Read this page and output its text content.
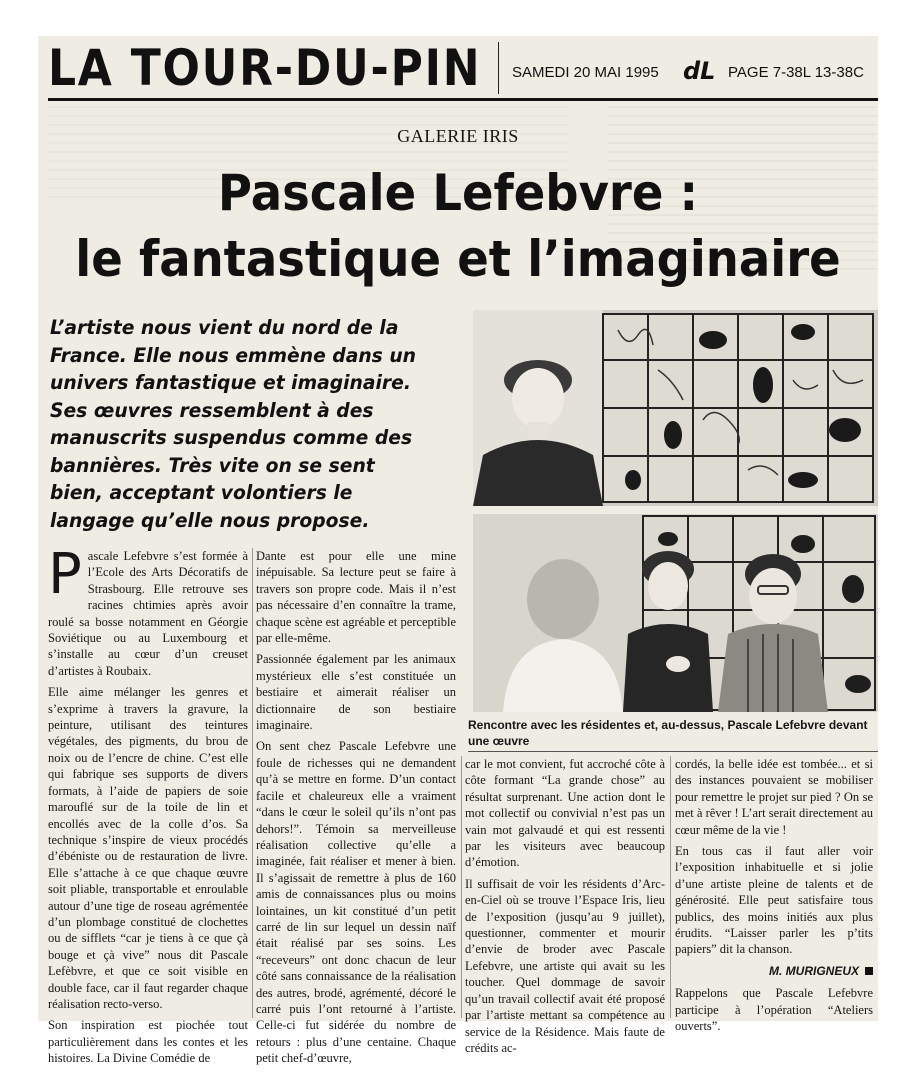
LA TOUR-DU-PIN SAMEDI 20 MAI 1995 dL PAGE 7-38L 13-38C
GALERIE IRIS
Pascale Lefebvre :
le fantastique et l’imaginaire
L’artiste nous vient du nord de la France. Elle nous emmène dans un univers fantastique et imaginaire. Ses œuvres ressemblent à des manuscrits suspendus comme des bannières. Très vite on se sent bien, acceptant volontiers le langage qu’elle nous propose.
Rencontre avec les résidentes et, au-dessus, Pascale Lefebvre devant une œuvre

Pascale Lefebvre s’est formée à l’Ecole des Arts Décoratifs de Strasbourg. Elle retrouve ses racines chtimies après avoir roulé sa bosse notamment en Géorgie Soviétique ou au Luxembourg et s’installe au cœur d’un creuset d’artistes à Roubaix.

Elle aime mélanger les genres et s’exprime à travers la gravure, la peinture, utilisant des teintures végétales, des pigments, du brou de noix ou de l’encre de chine. C’est elle qui fabrique ses supports de divers formats, à l’aide de papiers de soie marouflé sur de la toile de lin et encollés avec de la colle d’os. Sa technique s’inspire de vieux procédés d’ébéniste ou de restauration de livre. Elle s’attache à ce que chaque œuvre soit pliable, transportable et enroulable autour d’une tige de roseau agrémentée d’un plombage constitué de clochettes ou de sifflets “car je tiens à ce que çà bouge et çà vive” nous dit Pascale Lefèbvre, et que ce soit visible en double face, car il faut regarder chaque réalisation recto-verso.

Son inspiration est piochée tout particulièrement dans les contes et les histoires. La Divine Comédie de

Dante est pour elle une mine inépuisable. Sa lecture peut se faire à travers son propre code. Mais il n’est pas nécessaire d’en connaître la trame, chaque scène est agréable et perceptible par elle-même.

Passionnée également par les animaux mystérieux elle s’est constituée un bestiaire et aimerait réaliser un dictionnaire de son bestiaire imaginaire.

On sent chez Pascale Lefebvre une foule de richesses qui ne demandent qu’à se mettre en forme. D’un contact facile et chaleureux elle a vraiment “dans le cœur le soleil qu’ils n’ont pas dehors!”. Témoin sa merveilleuse réalisation collective qu’elle a imaginée, fait réaliser et mener à bien. Il s’agissait de remettre à plus de 160 amis de connaissances plus ou moins lointaines, un kit constitué d’un petit carré de lin sur lequel un dessin naïf était réalisé par ses soins. Les “receveurs” ont donc chacun de leur côté sans connaissance de la réalisation des autres, brodé, agrémenté, décoré le carré puis l’ont retourné à l’artiste. Celle-ci fut sidérée du nombre de retours : plus d’une centaine. Chaque petit chef-d’œuvre,

car le mot convient, fut accroché côte à côte formant “La grande chose” au résultat surprenant. Une action dont le mot collectif ou convivial n’est pas un vain mot galvaudé et qui est ressenti par les visiteurs avec beaucoup d’émotion.

Il suffisait de voir les résidents d’Arc-en-Ciel où se trouve l’Espace Iris, lieu de l’exposition (jusqu’au 9 juillet), questionner, commenter et mourir d’envie de broder avec Pascale Lefebvre, une artiste qui avait su les toucher. Quel dommage de savoir qu’un travail collectif avait été proposé par l’artiste mettant sa compétence au service de la Résidence. Mais faute de crédits ac-

cordés, la belle idée est tombée... et si des instances pouvaient se mobiliser pour remettre le projet sur pied ? On se met à rêver ! L’art serait directement au cœur même de la vie !

En tous cas il faut aller voir l’exposition inhabituelle et si jolie d’une artiste pleine de talents et de générosité. Elle peut satisfaire tous publics, des moins initiés aux plus érudits. “Laisser parler les p’tits papiers” dit la chanson.

M. MURIGNEUX

Rappelons que Pascale Lefebvre participe à l’opération “Ateliers ouverts”.
